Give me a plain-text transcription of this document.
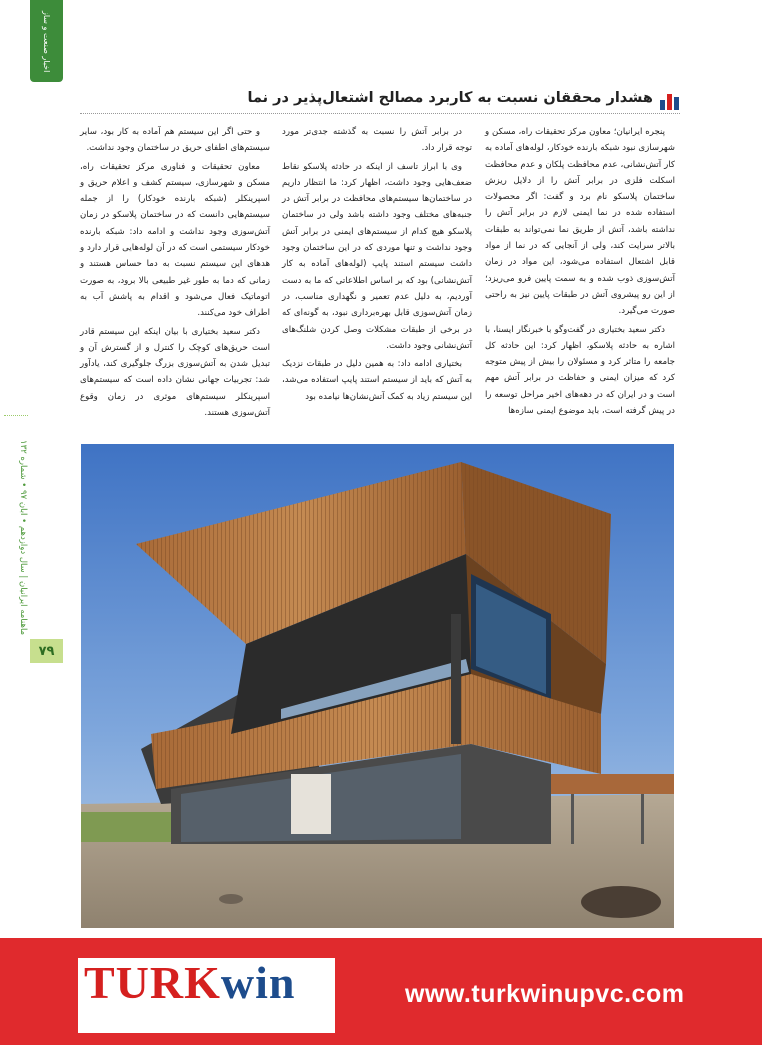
اخبار صنعت و ساز
ماهنامه ایرانیان | سال دوازدهم • آبان ۹۷ • شماره ۱۳۲
۷۹
هشدار محققان نسبت به کاربرد مصالح اشتعال‌پذیر در نما

پنجره ایرانیان؛ معاون مرکز تحقیقات راه، مسکن و شهرسازی نبود شبکه بارنده خودکار، لوله‌های آماده به کار آتش‌نشانی، عدم محافظت پلکان و عدم محافظت اسکلت فلزی در برابر آتش را از دلایل ریزش ساختمان پلاسکو نام برد و گفت: اگر محصولات استفاده شده در نما ایمنی لازم در برابر آتش را نداشته باشد، آتش از طریق نما نمی‌تواند به طبقات بالاتر سرایت کند، ولی از آنجایی که در نما از مواد قابل اشتعال استفاده می‌شود، این مواد در زمان آتش‌سوزی ذوب شده و به سمت پایین فرو می‌ریزد؛ از این رو پیشروی آتش در طبقات پایین نیز به راحتی صورت می‌گیرد.

دکتر سعید بختیاری در گفت‌وگو با خبرنگار ایسنا، با اشاره به حادثه پلاسکو، اظهار کرد: این حادثه کل جامعه را متاثر کرد و مسئولان را بیش از پیش متوجه کرد که میزان ایمنی و حفاظت در برابر آتش مهم است و در ایران که در دهه‌های اخیر مراحل توسعه را در پیش گرفته است، باید موضوع ایمنی سازه‌ها

در برابر آتش را نسبت به گذشته جدی‌تر مورد توجه قرار داد.

وی با ابراز تاسف از اینکه در حادثه پلاسکو نقاط ضعف‌هایی وجود داشت، اظهار کرد: ما انتظار داریم در ساختمان‌ها سیستم‌های محافظت در برابر آتش در جنبه‌های مختلف وجود داشته باشد ولی در ساختمان پلاسکو هیچ کدام از سیستم‌های ایمنی در برابر آتش وجود نداشت و تنها موردی که در این ساختمان وجود داشت سیستم استند پایپ (لوله‌های آماده به کار آتش‌نشانی) بود که بر اساس اطلاعاتی که ما به دست آوردیم، به دلیل عدم تعمیر و نگهداری مناسب، در زمان آتش‌سوزی قابل بهره‌برداری نبود، به گونه‌ای که در برخی از طبقات مشکلات وصل کردن شلنگ‌های آتش‌نشانی وجود داشت.

بختیاری ادامه داد: به همین دلیل در طبقات نزدیک به آتش که باید از سیستم استند پایپ استفاده می‌شد، این سیستم زیاد به کمک آتش‌نشان‌ها نیامده بود

و حتی اگر این سیستم هم آماده به کار بود، سایر سیستم‌های اطفای حریق در ساختمان وجود نداشت.

معاون تحقیقات و فناوری مرکز تحقیقات راه، مسکن و شهرسازی، سیستم کشف و اعلام حریق و اسپرینکلر (شبکه بارنده خودکار) را از جمله سیستم‌هایی دانست که در ساختمان پلاسکو در زمان آتش‌سوزی وجود نداشت و ادامه داد: شبکه بارنده خودکار سیستمی است که در آن لوله‌هایی قرار دارد و هدهای این سیستم نسبت به دما حساس هستند و زمانی که دما به طور غیر طبیعی بالا برود، به صورت اتوماتیک فعال می‌شود و اقدام به پاشش آب به اطراف خود می‌کنند.

دکتر سعید بختیاری با بیان اینکه این سیستم قادر است حریق‌های کوچک را کنترل و از گسترش آن و تبدیل شدن به آتش‌سوزی بزرگ جلوگیری کند، یادآور شد: تجربیات جهانی نشان داده است که سیستم‌های اسپرینکلر سیستم‌های موثری در زمان وقوع آتش‌سوزی هستند.

TURKwin	www.turkwinupvc.com
